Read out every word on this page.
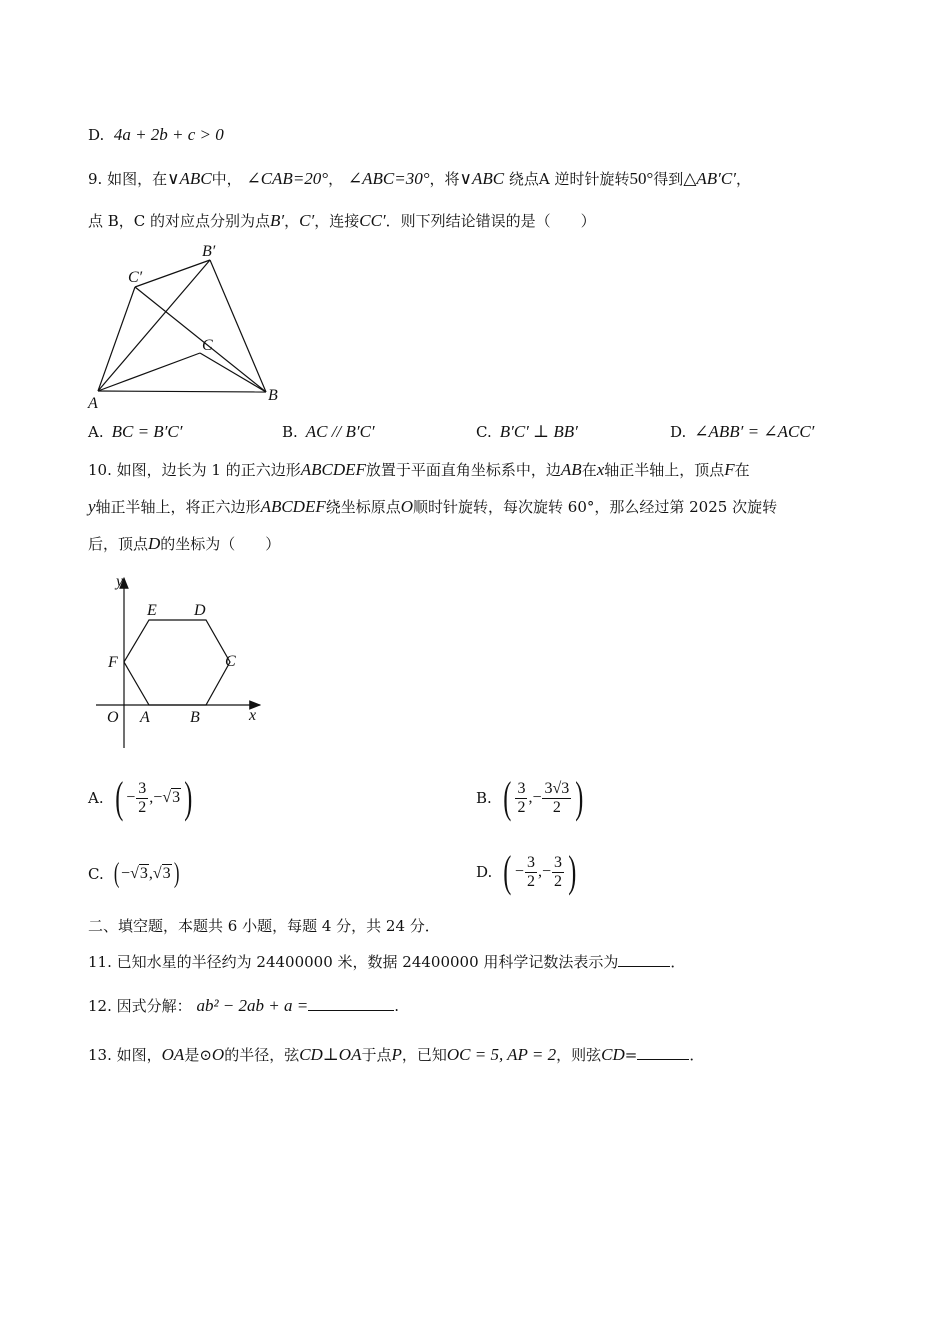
D. 4a + 2b + c > 0
9. 如图，在∨ABC中， ∠CAB=20°， ∠ABC=30°，将∨ABC 绕点A 逆时针旋转50°得到△AB′C′，
点 B，C 的对应点分别为点B′，C′，连接CC′．则下列结论错误的是（　　）
A	B
C
B′
C′
A. BC = B′C′	B. AC // B′C′	C. B′C′ ⊥ BB′	D. ∠ABB′ = ∠ACC′
10. 如图，边长为 1 的正六边形ABCDEF放置于平面直角坐标系中，边AB在x轴正半轴上，顶点F在
y轴正半轴上，将正六边形ABCDEF绕坐标原点O顺时针旋转，每次旋转 60°，那么经过第 2025 次旋转
后，顶点D的坐标为（　　）
y
x
O A	B
C
D
E
F
A. ( − $\frac{3}{2}$ , −√3 )	B. ( $\frac{3}{2}$ , − $\frac{3√3}{2}$ )
C. ( −√3 , √3 )	D. ( − $\frac{3}{2}$ , − $\frac{3}{2}$ )
二、填空题，本题共 6 小题，每题 4 分，共 24 分．
11. 已知水星的半径约为 24400000 米，数据 24400000 用科学记数法表示为	．
12. 因式分解： ab² − 2ab + a =	.
13. 如图，OA是⊙O的半径，弦CD⊥OA于点P，已知OC = 5, AP = 2，则弦CD=	．
